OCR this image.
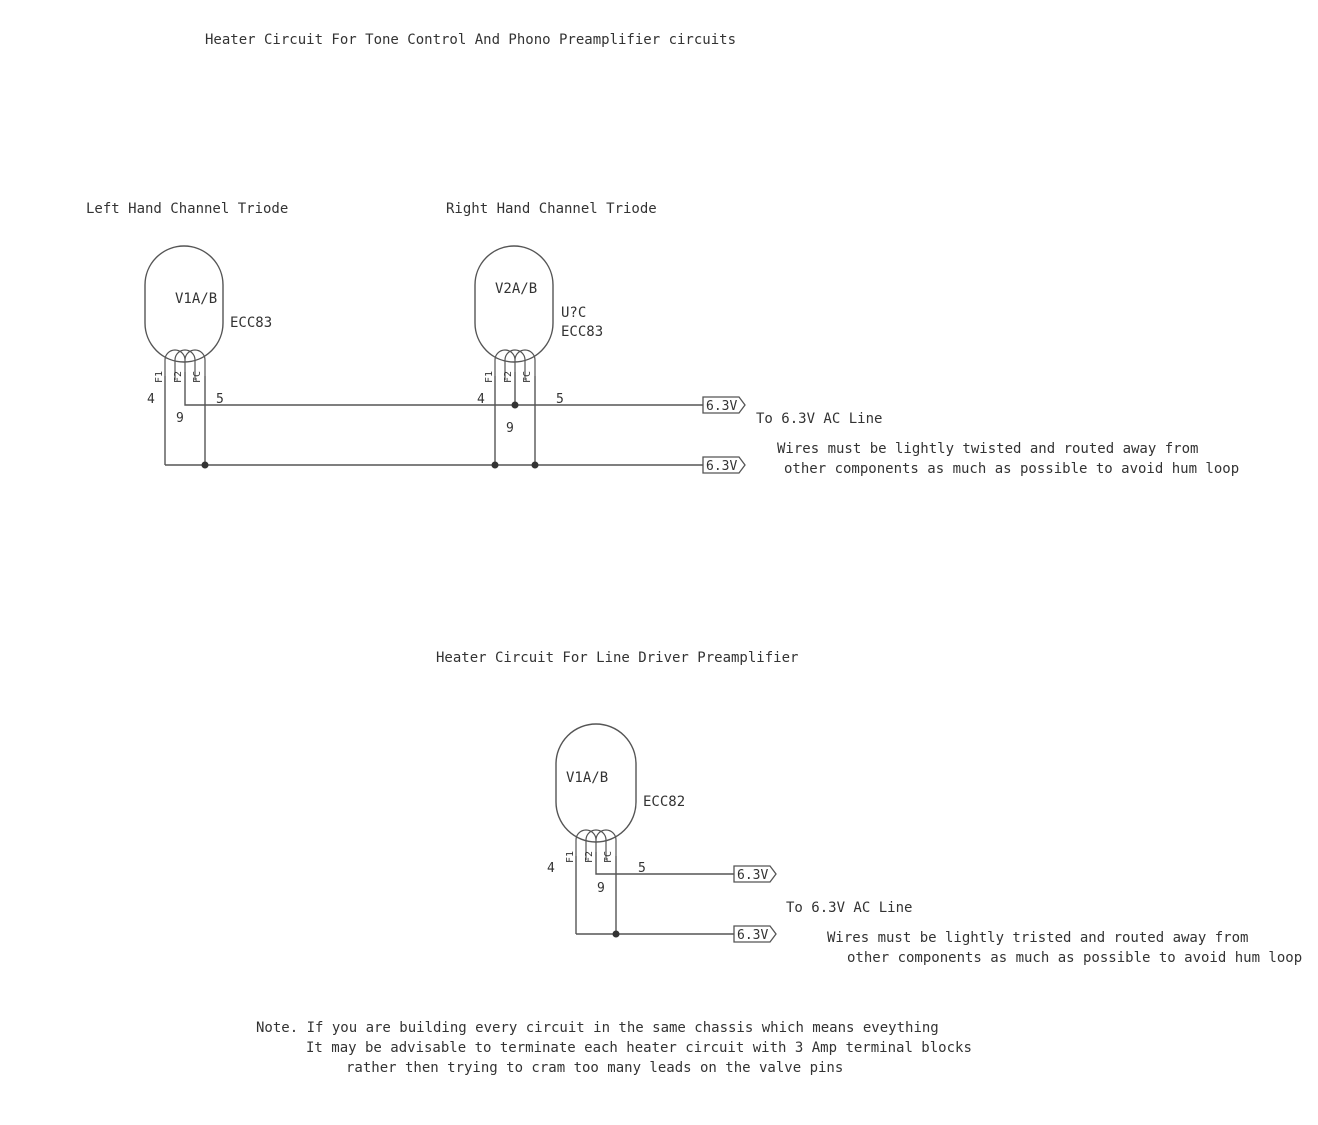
Heater Circuit For Tone Control And Phono Preamplifier circuits
Left Hand Channel Triode	Right Hand Channel Triode
Heater Circuit For Line Driver Preamplifier
V1A/B
ECC83
F1 F2 FC
4
9
5
V2A/B
U?C
ECC83
F1 F2 FC
4
9
5	6.3V
6.3V
To 6.3V AC Line
Wires must be lightly twisted and routed away from
other components as much as possible to avoid hum loop
V1A/B
ECC82
F1 F2 FC
4
9
5	6.3V
6.3V
To 6.3V AC Line
Wires must be lightly tristed and routed away from
other components as much as possible to avoid hum loop
Note. If you are building every circuit in the same chassis which means eveything
It may be advisable to terminate each heater circuit with 3 Amp terminal blocks
rather then trying to cram too many leads on the valve pins
